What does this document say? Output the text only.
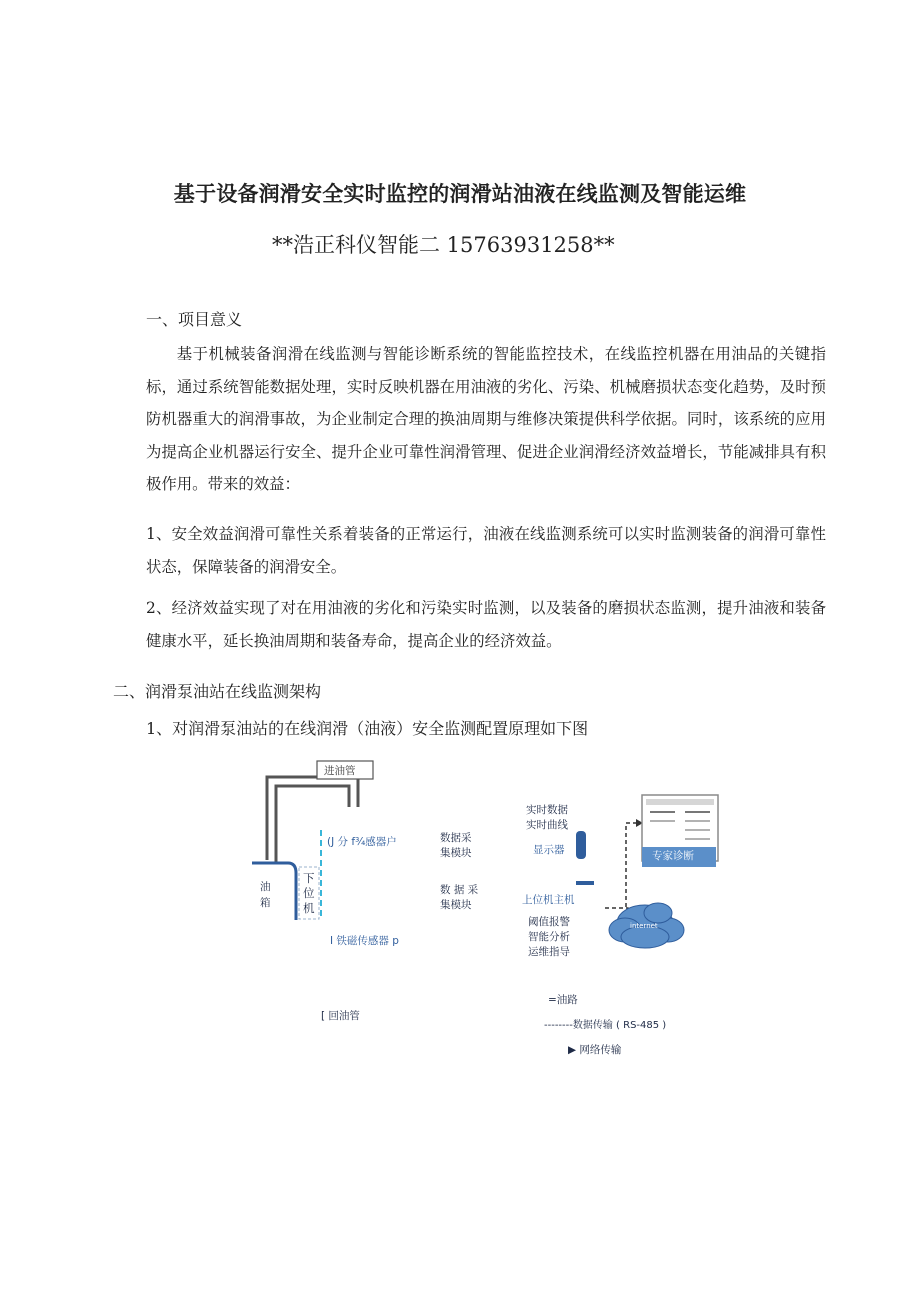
基于设备润滑安全实时监控的润滑站油液在线监测及智能运维
**浩正科仪智能二 15763931258**
一、项目意义

基于机械装备润滑在线监测与智能诊断系统的智能监控技术，在线监控机器在用油品的关键指标，通过系统智能数据处理，实时反映机器在用油液的劣化、污染、机械磨损状态变化趋势，及时预防机器重大的润滑事故，为企业制定合理的换油周期与维修决策提供科学依据。同时，该系统的应用为提高企业机器运行安全、提升企业可靠性润滑管理、促进企业润滑经济效益增长，节能减排具有积极作用。带来的效益：

1、安全效益润滑可靠性关系着装备的正常运行，油液在线监测系统可以实时监测装备的润滑可靠性状态，保障装备的润滑安全。

2、经济效益实现了对在用油液的劣化和污染实时监测，以及装备的磨损状态监测，提升油液和装备健康水平，延长换油周期和装备寿命，提高企业的经济效益。

二、润滑泵油站在线监测架构
1、对润滑泵油站的在线润滑（油液）安全监测配置原理如下图
internet
进油管
(J 分 f¾感器户
油
箱
下
位
机
I 铁磁传感器 p
[ 回油管
数据采
集模块
数 据 采
集模块
实时数据
实时曲线
显示器
上位机主机
阈值报警
智能分析
运维指导
专家诊断
=油路
--------数据传输 ( RS-485 )
▶ 网络传输
